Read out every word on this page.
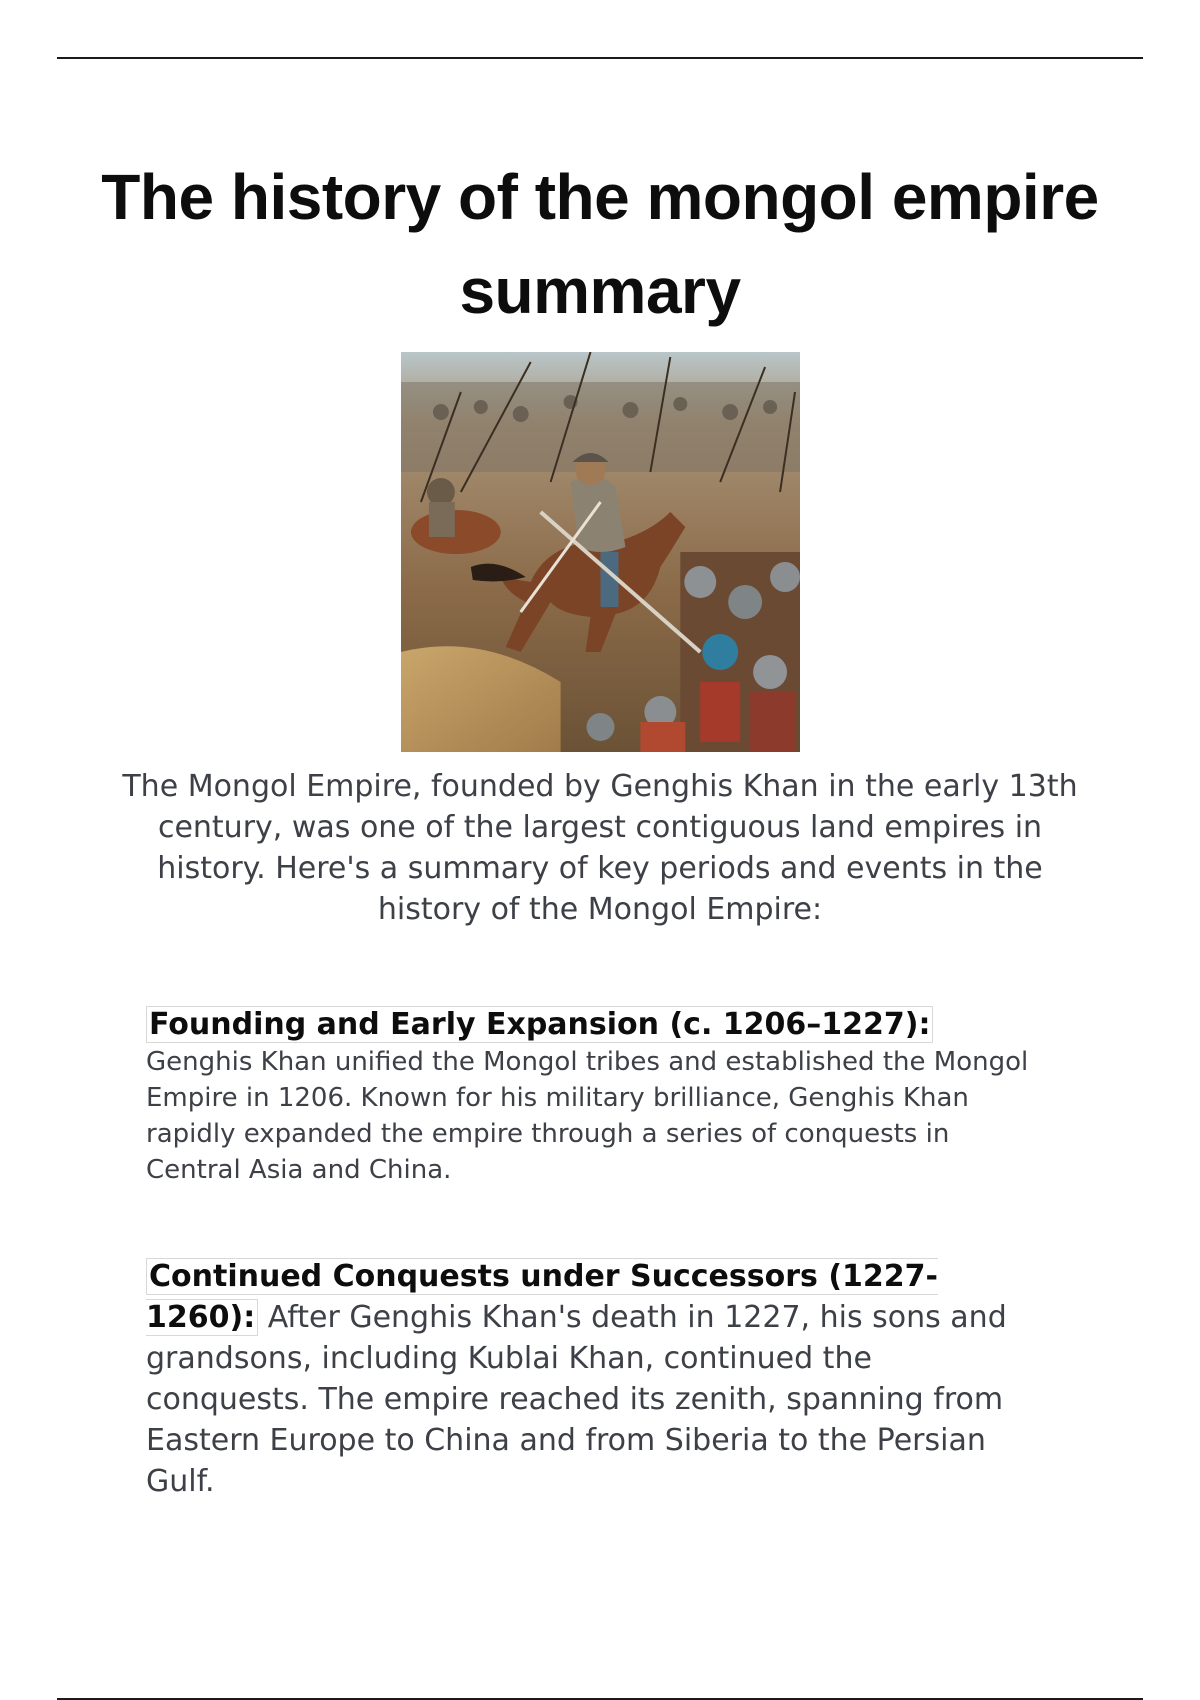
The history of the mongol empire summary

The Mongol Empire, founded by Genghis Khan in the early 13th century, was one of the largest contiguous land empires in history. Here's a summary of key periods and events in the history of the Mongol Empire:

Founding and Early Expansion (c. 1206–1227):
Genghis Khan unified the Mongol tribes and established the Mongol Empire in 1206. Known for his military brilliance, Genghis Khan rapidly expanded the empire through a series of conquests in Central Asia and China.

Continued Conquests under Successors (1227-1260): After Genghis Khan's death in 1227, his sons and grandsons, including Kublai Khan, continued the conquests. The empire reached its zenith, spanning from Eastern Europe to China and from Siberia to the Persian Gulf.
